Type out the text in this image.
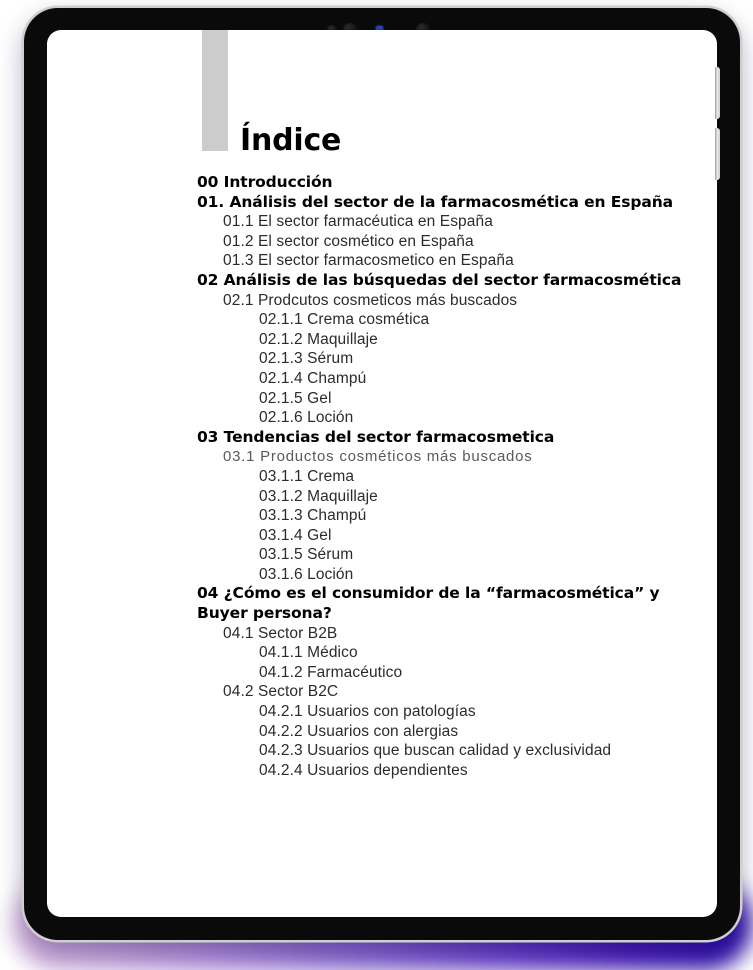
Índice
00 Introducción
01. Análisis del sector de la farmacosmética en España
01.1 El sector farmacéutica en España
01.2 El sector cosmético en España
01.3 El sector farmacosmetico en España
02 Análisis de las búsquedas del sector farmacosmética
02.1 Prodcutos cosmeticos más buscados
02.1.1 Crema cosmética
02.1.2 Maquillaje
02.1.3 Sérum
02.1.4 Champú
02.1.5 Gel
02.1.6 Loción
03 Tendencias del sector farmacosmetica
03.1 Productos cosméticos más buscados
03.1.1 Crema
03.1.2 Maquillaje
03.1.3 Champú
03.1.4 Gel
03.1.5 Sérum
03.1.6 Loción
04 ¿Cómo es el consumidor de la “farmacosmética” y Buyer persona?
04.1 Sector B2B
04.1.1 Médico
04.1.2 Farmacéutico
04.2 Sector B2C
04.2.1 Usuarios con patologías
04.2.2 Usuarios con alergias
04.2.3 Usuarios que buscan calidad y exclusividad
04.2.4 Usuarios dependientes
